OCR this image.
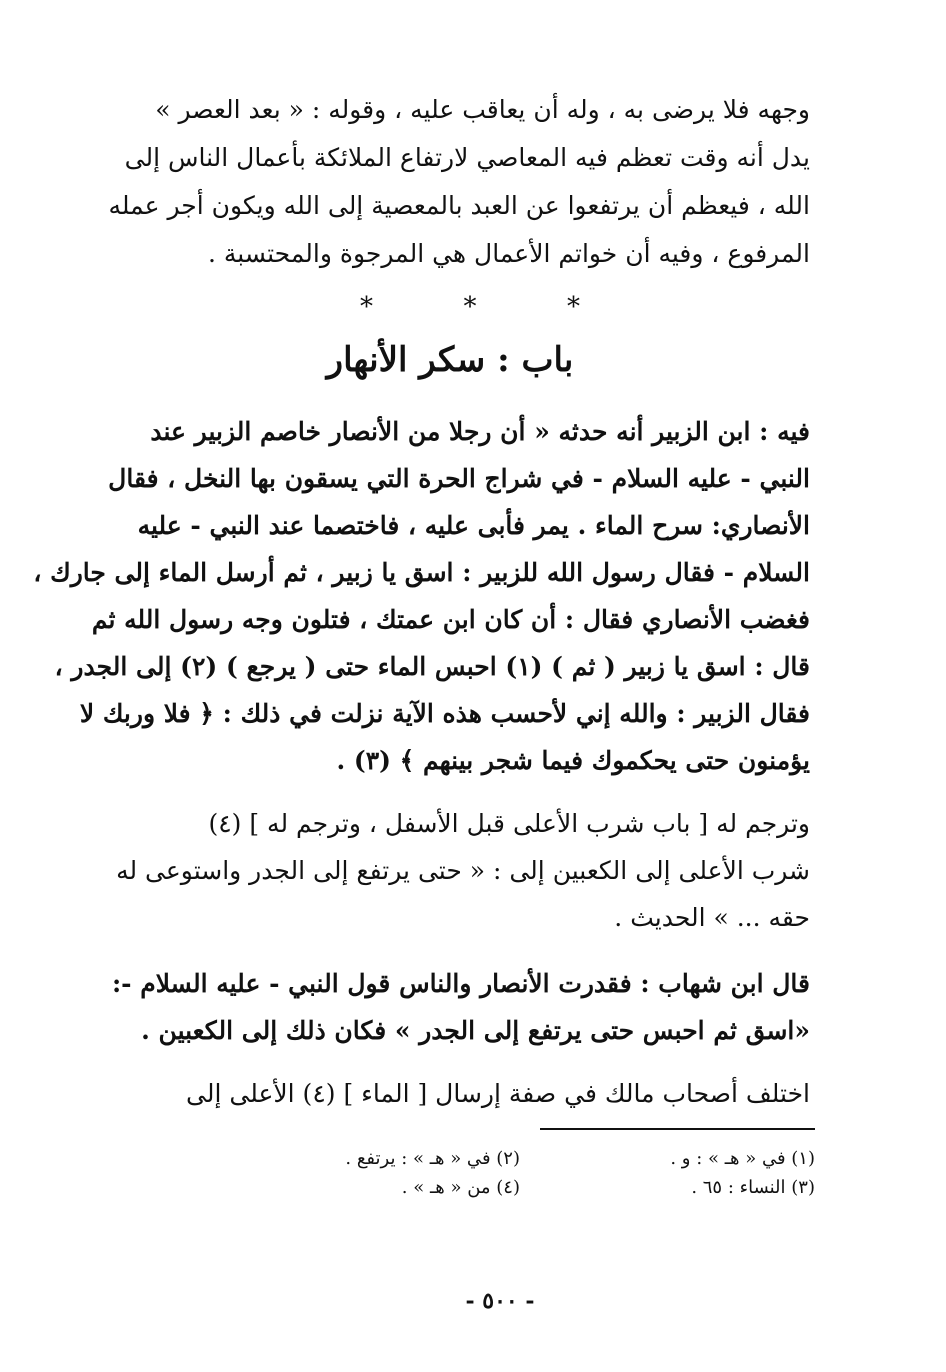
وجهه فلا يرضى به ، وله أن يعاقب عليه ، وقوله : « بعد العصر »
يدل أنه وقت تعظم فيه المعاصي لارتفاع الملائكة بأعمال الناس إلى
الله ، فيعظم أن يرتفعوا عن العبد بالمعصية إلى الله ويكون أجر عمله
المرفوع ، وفيه أن خواتم الأعمال هي المرجوة والمحتسبة .
*
*
*
باب : سكر الأنهار
فيه : ابن الزبير أنه حدثه « أن رجلا من الأنصار خاصم الزبير عند
النبي - عليه السلام - في شراج الحرة التي يسقون بها النخل ، فقال
الأنصاري: سرح الماء . يمر فأبى عليه ، فاختصما عند النبي - عليه
السلام - فقال رسول الله للزبير : اسق يا زبير ، ثم أرسل الماء إلى جارك ،
فغضب الأنصاري فقال : أن كان ابن عمتك ، فتلون وجه رسول الله ثم
قال : اسق يا زبير ( ثم ) (١) احبس الماء حتى ( يرجع ) (٢) إلى الجدر ،
فقال الزبير : والله إني لأحسب هذه الآية نزلت في ذلك : ﴿ فلا وربك لا
يؤمنون حتى يحكموك فيما شجر بينهم ﴾ (٣) .
وترجم له [ باب شرب الأعلى قبل الأسفل ، وترجم له ] (٤)
شرب الأعلى إلى الكعبين إلى : « حتى يرتفع إلى الجدر واستوعى له
حقه ... » الحديث .
قال ابن شهاب : فقدرت الأنصار والناس قول النبي - عليه السلام -:
«اسق ثم احبس حتى يرتفع إلى الجدر » فكان ذلك إلى الكعبين .
اختلف أصحاب مالك في صفة إرسال [ الماء ] (٤) الأعلى إلى
(١) في « هـ » : و .
(٢) في « هـ » : يرتفع .
(٣) النساء : ٦٥ .
(٤) من « هـ » .
- ٥٠٠ -
